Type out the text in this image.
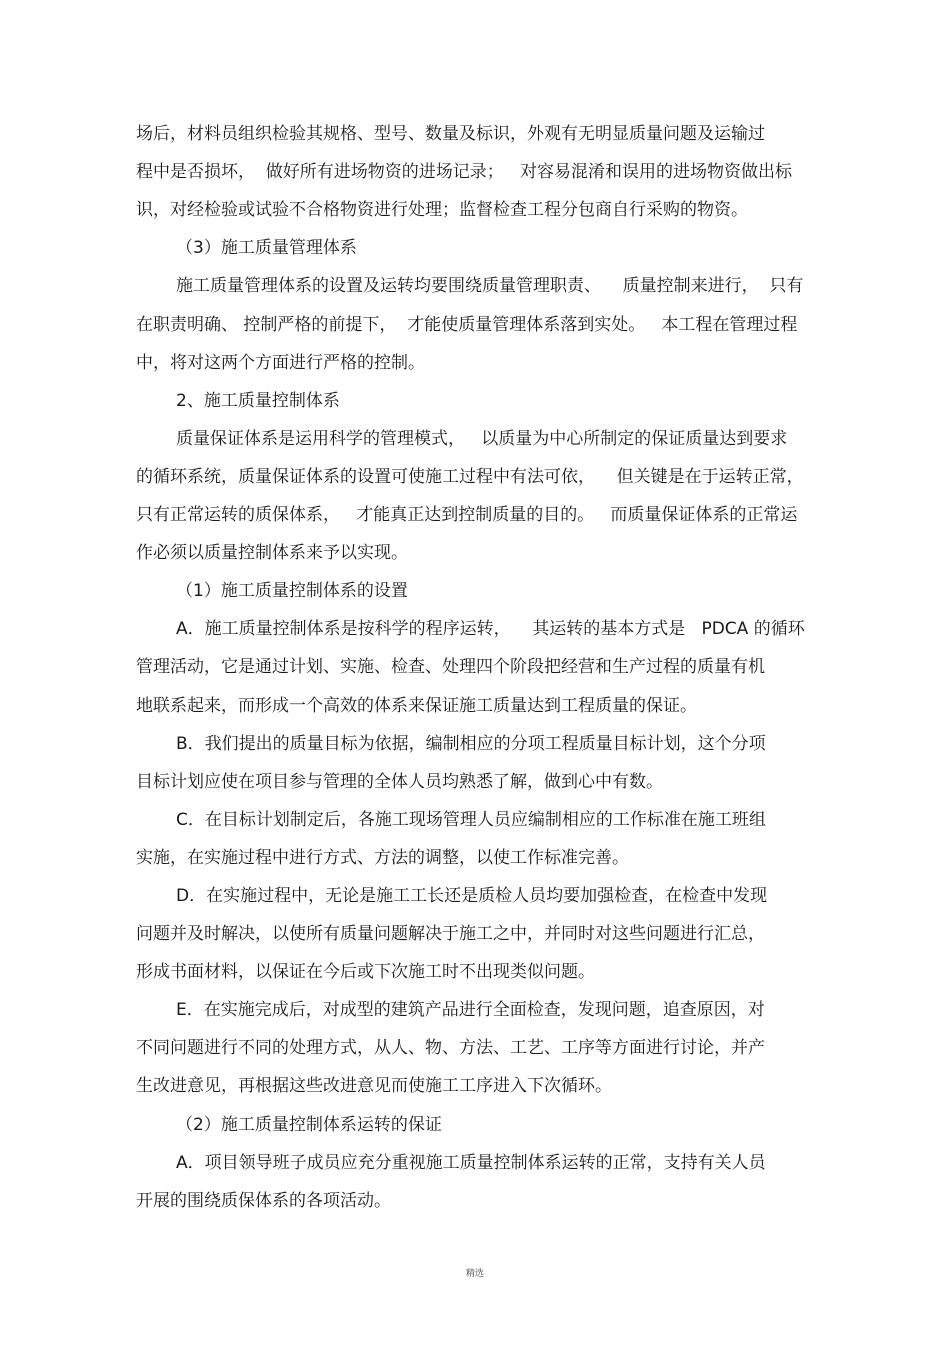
场后，材料员组织检验其规格、型号、数量及标识，外观有无明显质量问题及运输过
程中是否损坏，  做好所有进场物资的进场记录；   对容易混淆和误用的进场物资做出标
识，对经检验或试验不合格物资进行处理；监督检查工程分包商自行采购的物资。
（3）施工质量管理体系
施工质量管理体系的设置及运转均要围绕质量管理职责、    质量控制来进行，  只有
在职责明确、 控制严格的前提下，  才能使质量管理体系落到实处。   本工程在管理过程
中，将对这两个方面进行严格的控制。
2、施工质量控制体系
质量保证体系是运用科学的管理模式，   以质量为中心所制定的保证质量达到要求
的循环系统，质量保证体系的设置可使施工过程中有法可依，    但关键是在于运转正常，
只有正常运转的质保体系，   才能真正达到控制质量的目的。   而质量保证体系的正常运
作必须以质量控制体系来予以实现。
（1）施工质量控制体系的设置
A．施工质量控制体系是按科学的程序运转，    其运转的基本方式是   PDCA 的循环
管理活动，它是通过计划、实施、检查、处理四个阶段把经营和生产过程的质量有机
地联系起来，而形成一个高效的体系来保证施工质量达到工程质量的保证。
B．我们提出的质量目标为依据，编制相应的分项工程质量目标计划，这个分项
目标计划应使在项目参与管理的全体人员均熟悉了解，做到心中有数。
C．在目标计划制定后，各施工现场管理人员应编制相应的工作标准在施工班组
实施，在实施过程中进行方式、方法的调整，以使工作标准完善。
D．在实施过程中，无论是施工工长还是质检人员均要加强检查，在检查中发现
问题并及时解决，以使所有质量问题解决于施工之中，并同时对这些问题进行汇总，
形成书面材料，以保证在今后或下次施工时不出现类似问题。
E．在实施完成后，对成型的建筑产品进行全面检查，发现问题，追查原因，对
不同问题进行不同的处理方式，从人、物、方法、工艺、工序等方面进行讨论，并产
生改进意见，再根据这些改进意见而使施工工序进入下次循环。
（2）施工质量控制体系运转的保证
A．项目领导班子成员应充分重视施工质量控制体系运转的正常，支持有关人员
开展的围绕质保体系的各项活动。
精选
